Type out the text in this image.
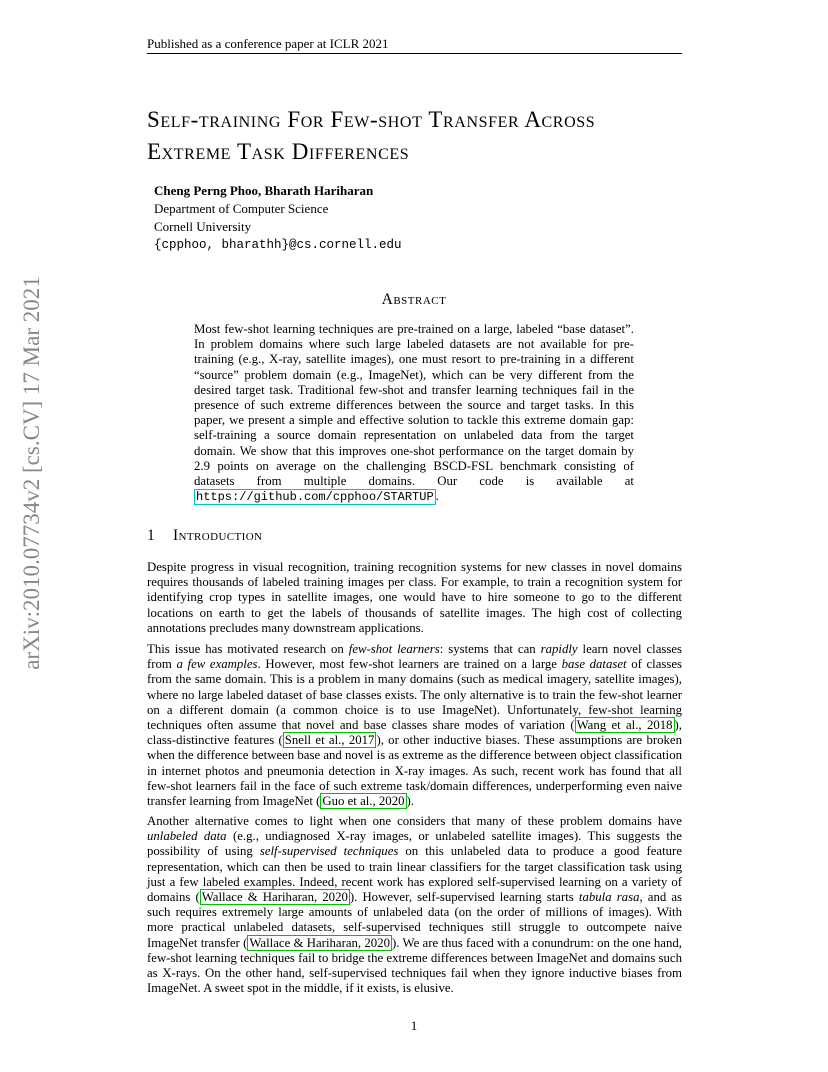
Published as a conference paper at ICLR 2021
arXiv:2010.07734v2 [cs.CV] 17 Mar 2021
Self-training For Few-shot Transfer Across
Extreme Task Differences
Cheng Perng Phoo, Bharath Hariharan
Department of Computer Science
Cornell University
{cpphoo, bharathh}@cs.cornell.edu
Abstract
Most few-shot learning techniques are pre-trained on a large, labeled “base dataset”. In problem domains where such large labeled datasets are not available for pre-training (e.g., X-ray, satellite images), one must resort to pre-training in a different “source” problem domain (e.g., ImageNet), which can be very different from the desired target task. Traditional few-shot and transfer learning techniques fail in the presence of such extreme differences between the source and target tasks. In this paper, we present a simple and effective solution to tackle this extreme domain gap: self-training a source domain representation on unlabeled data from the target domain. We show that this improves one-shot performance on the target domain by 2.9 points on average on the challenging BSCD-FSL benchmark consisting of datasets from multiple domains. Our code is available at https://github.com/cpphoo/STARTUP .
1 Introduction
Despite progress in visual recognition, training recognition systems for new classes in novel domains requires thousands of labeled training images per class. For example, to train a recognition system for identifying crop types in satellite images, one would have to hire someone to go to the different locations on earth to get the labels of thousands of satellite images. The high cost of collecting annotations precludes many downstream applications.
This issue has motivated research on few-shot learners: systems that can rapidly learn novel classes from a few examples. However, most few-shot learners are trained on a large base dataset of classes from the same domain. This is a problem in many domains (such as medical imagery, satellite images), where no large labeled dataset of base classes exists. The only alternative is to train the few-shot learner on a different domain (a common choice is to use ImageNet). Unfortunately, few-shot learning techniques often assume that novel and base classes share modes of variation ( Wang et al., 2018 ), class-distinctive features ( Snell et al., 2017 ), or other inductive biases. These assumptions are broken when the difference between base and novel is as extreme as the difference between object classification in internet photos and pneumonia detection in X-ray images. As such, recent work has found that all few-shot learners fail in the face of such extreme task/domain differences, underperforming even naive transfer learning from ImageNet ( Guo et al., 2020 ).
Another alternative comes to light when one considers that many of these problem domains have unlabeled data (e.g., undiagnosed X-ray images, or unlabeled satellite images). This suggests the possibility of using self-supervised techniques on this unlabeled data to produce a good feature representation, which can then be used to train linear classifiers for the target classification task using just a few labeled examples. Indeed, recent work has explored self-supervised learning on a variety of domains ( Wallace & Hariharan, 2020 ). However, self-supervised learning starts tabula rasa, and as such requires extremely large amounts of unlabeled data (on the order of millions of images). With more practical unlabeled datasets, self-supervised techniques still struggle to outcompete naive ImageNet transfer ( Wallace & Hariharan, 2020 ). We are thus faced with a conundrum: on the one hand, few-shot learning techniques fail to bridge the extreme differences between ImageNet and domains such as X-rays. On the other hand, self-supervised techniques fail when they ignore inductive biases from ImageNet. A sweet spot in the middle, if it exists, is elusive.
1
